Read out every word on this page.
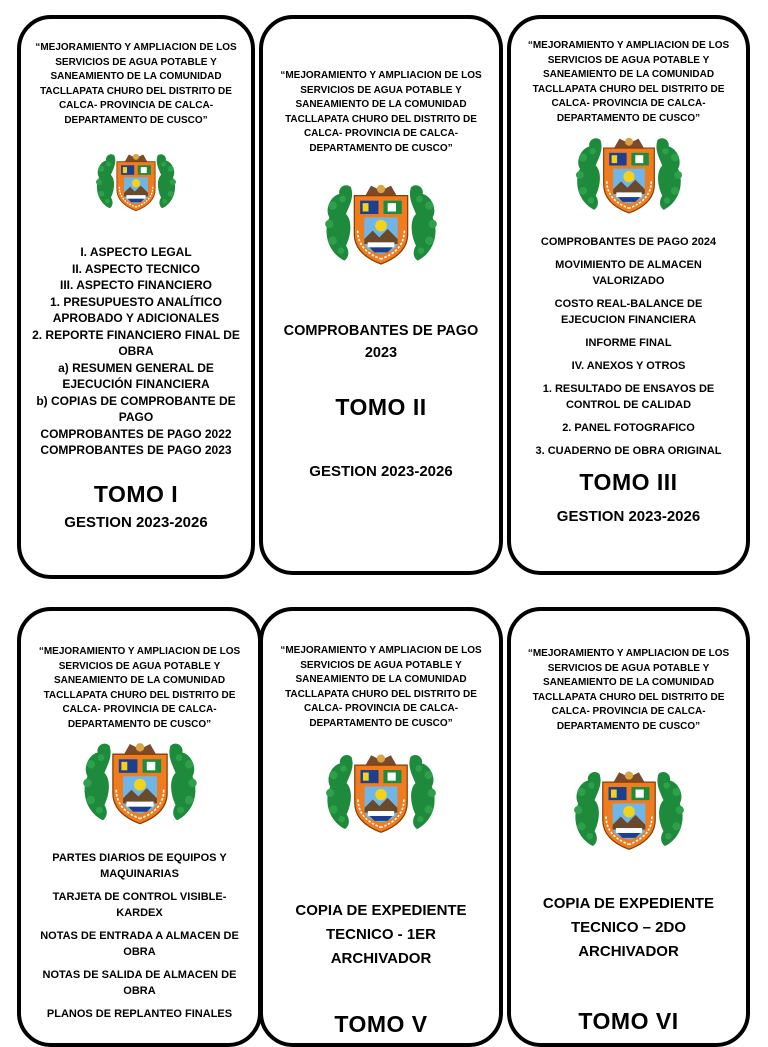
“MEJORAMIENTO Y AMPLIACION DE LOS SERVICIOS DE AGUA POTABLE Y SANEAMIENTO DE LA COMUNIDAD TACLLAPATA CHURO DEL DISTRITO DE CALCA- PROVINCIA DE CALCA- DEPARTAMENTO DE CUSCO”
I. ASPECTO LEGAL
II. ASPECTO TECNICO
III. ASPECTO FINANCIERO
1. PRESUPUESTO ANALÍTICO APROBADO Y ADICIONALES
2. REPORTE FINANCIERO FINAL DE OBRA
a) RESUMEN GENERAL DE EJECUCIÓN FINANCIERA
b) COPIAS DE COMPROBANTE DE PAGO
COMPROBANTES DE PAGO 2022
COMPROBANTES DE PAGO 2023
TOMO I
GESTION 2023-2026
“MEJORAMIENTO Y AMPLIACION DE LOS SERVICIOS DE AGUA POTABLE Y SANEAMIENTO DE LA COMUNIDAD TACLLAPATA CHURO DEL DISTRITO DE CALCA- PROVINCIA DE CALCA- DEPARTAMENTO DE CUSCO”
COMPROBANTES DE PAGO 2023
TOMO II
GESTION 2023-2026
“MEJORAMIENTO Y AMPLIACION DE LOS SERVICIOS DE AGUA POTABLE Y SANEAMIENTO DE LA COMUNIDAD TACLLAPATA CHURO DEL DISTRITO DE CALCA- PROVINCIA DE CALCA- DEPARTAMENTO DE CUSCO”
COMPROBANTES DE PAGO 2024
MOVIMIENTO DE ALMACEN VALORIZADO
COSTO REAL-BALANCE DE EJECUCION FINANCIERA
INFORME FINAL
IV. ANEXOS Y OTROS
1. RESULTADO DE ENSAYOS DE CONTROL DE CALIDAD
2. PANEL FOTOGRAFICO
3. CUADERNO DE OBRA ORIGINAL
TOMO III
GESTION 2023-2026
“MEJORAMIENTO Y AMPLIACION DE LOS SERVICIOS DE AGUA POTABLE Y SANEAMIENTO DE LA COMUNIDAD TACLLAPATA CHURO DEL DISTRITO DE CALCA- PROVINCIA DE CALCA- DEPARTAMENTO DE CUSCO”
PARTES DIARIOS DE EQUIPOS Y MAQUINARIAS
TARJETA DE CONTROL VISIBLE-KARDEX
NOTAS DE ENTRADA A ALMACEN DE OBRA
NOTAS DE SALIDA DE ALMACEN DE OBRA
PLANOS DE REPLANTEO FINALES
“MEJORAMIENTO Y AMPLIACION DE LOS SERVICIOS DE AGUA POTABLE Y SANEAMIENTO DE LA COMUNIDAD TACLLAPATA CHURO DEL DISTRITO DE CALCA- PROVINCIA DE CALCA- DEPARTAMENTO DE CUSCO”
COPIA DE EXPEDIENTE TECNICO - 1ER ARCHIVADOR
TOMO V
“MEJORAMIENTO Y AMPLIACION DE LOS SERVICIOS DE AGUA POTABLE Y SANEAMIENTO DE LA COMUNIDAD TACLLAPATA CHURO DEL DISTRITO DE CALCA- PROVINCIA DE CALCA- DEPARTAMENTO DE CUSCO”
COPIA DE EXPEDIENTE TECNICO – 2DO ARCHIVADOR
TOMO VI
